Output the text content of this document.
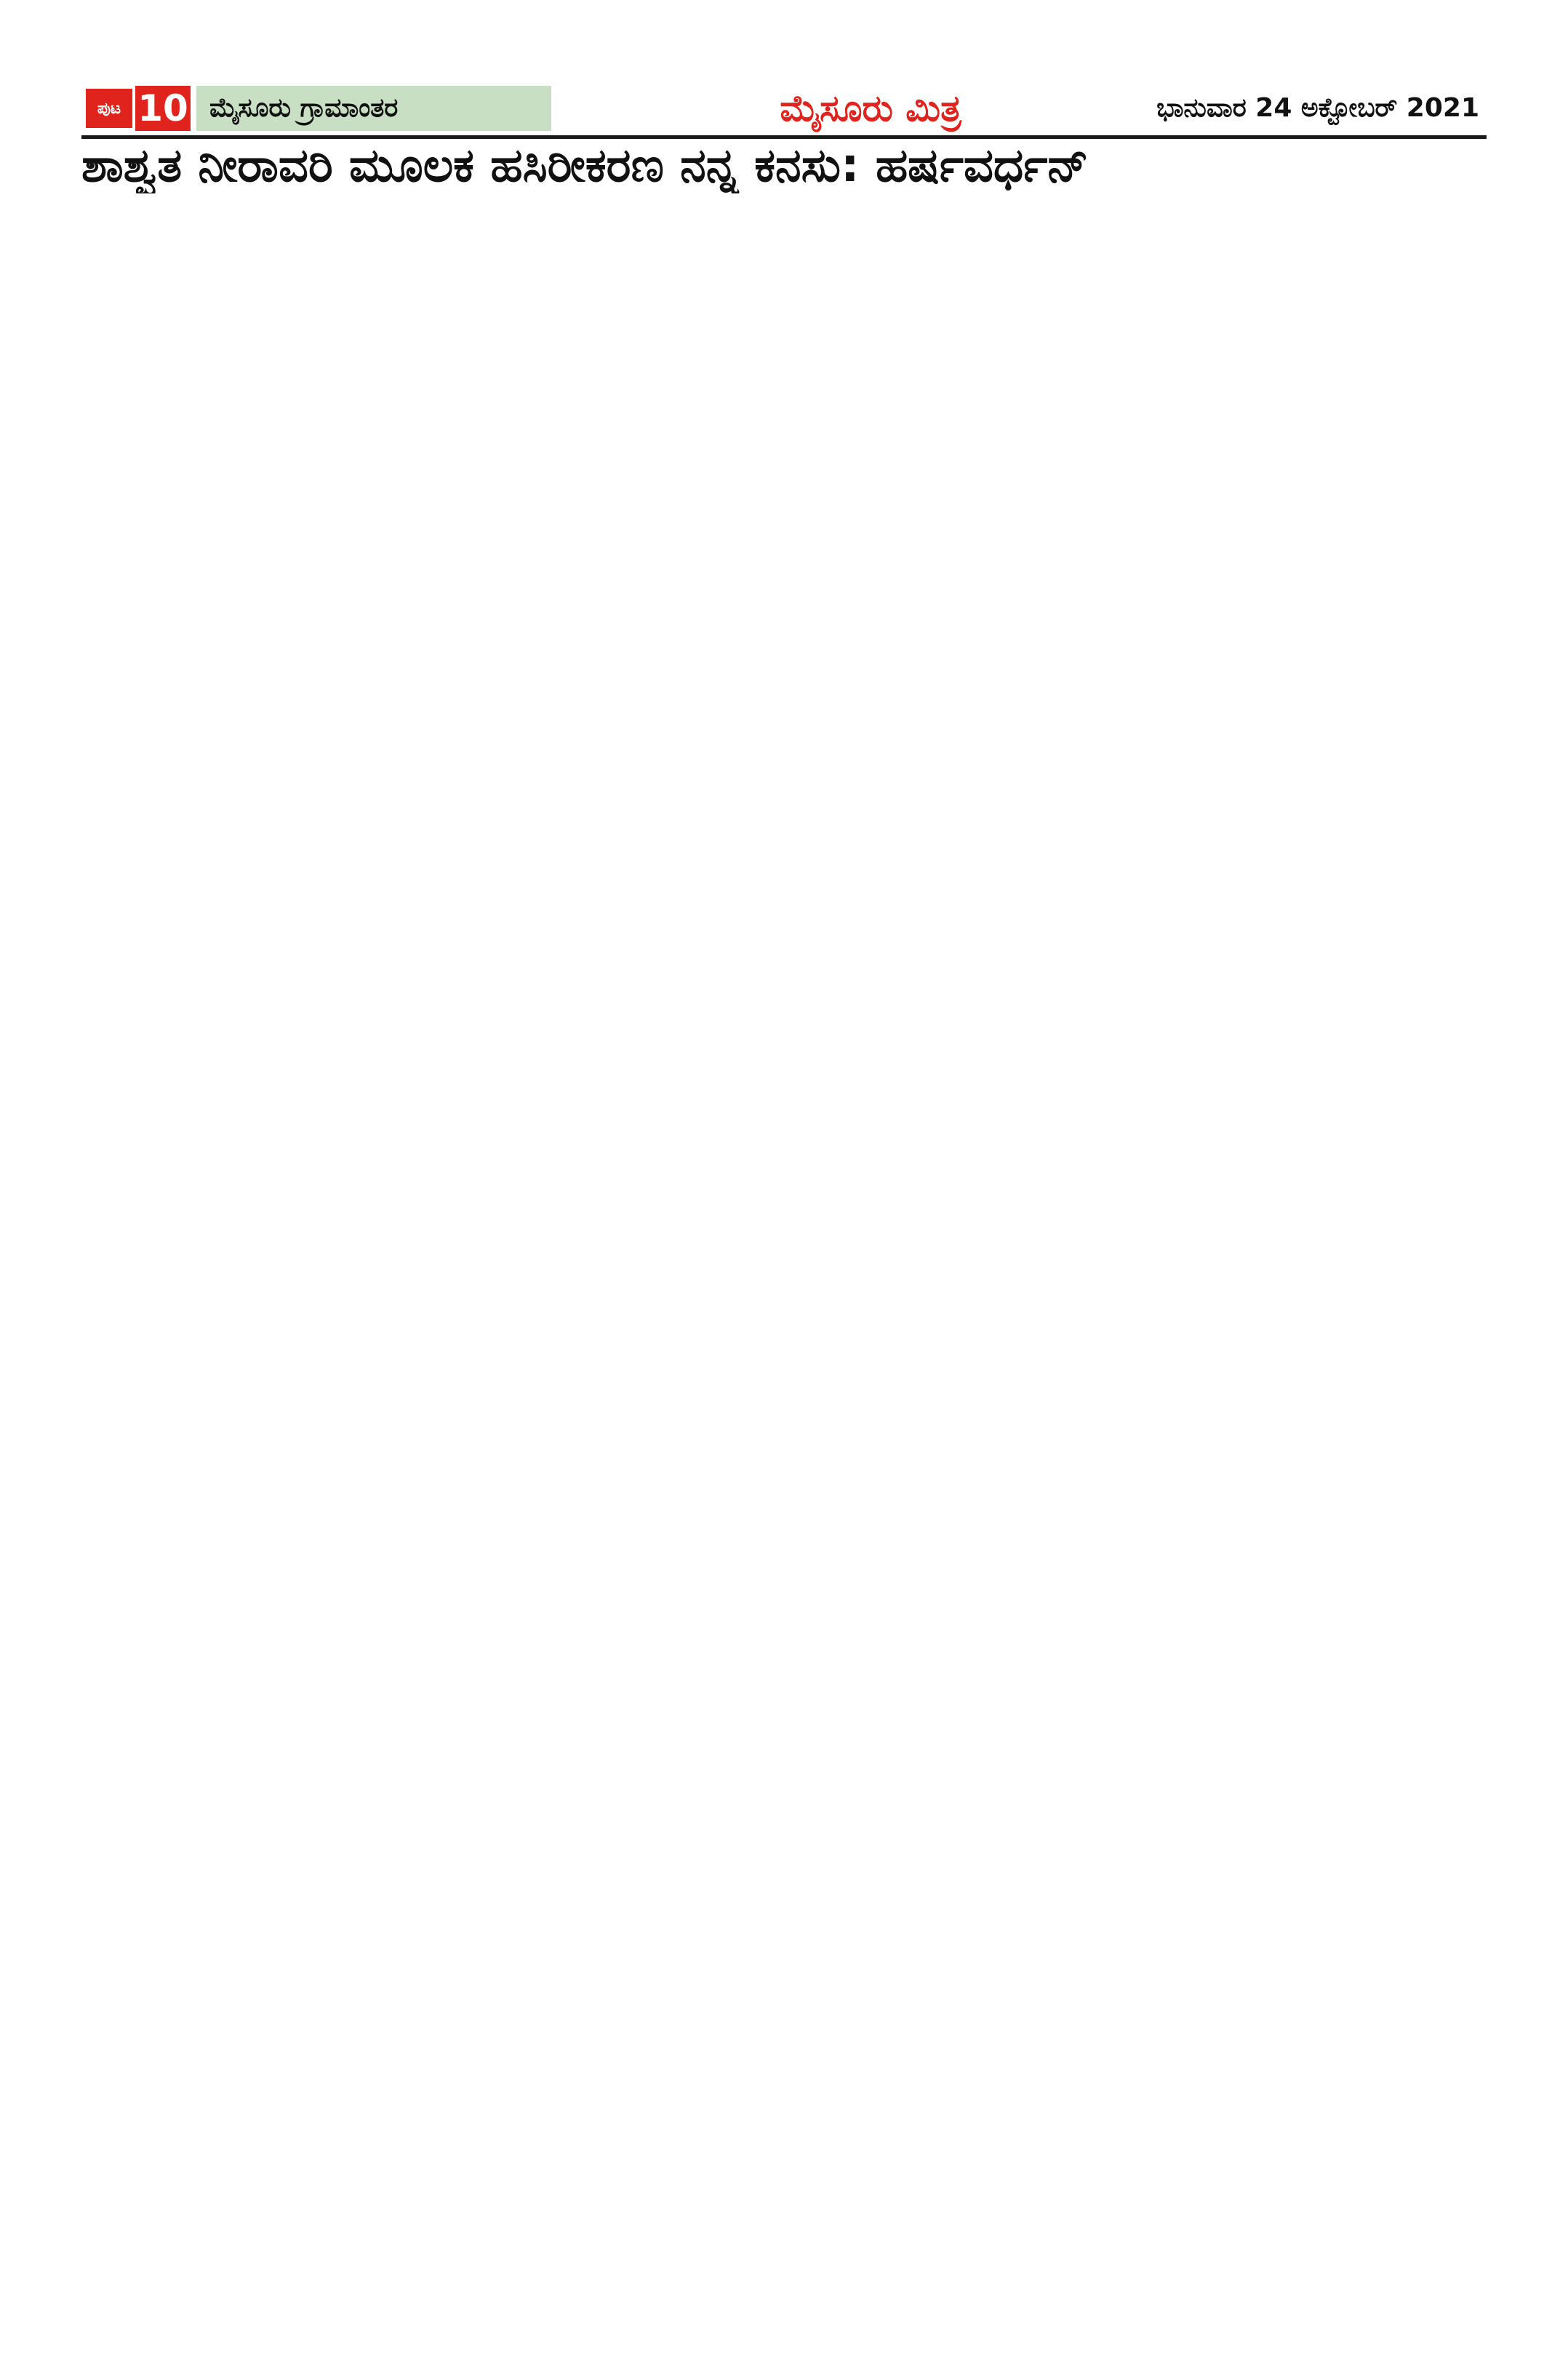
ಪುಟ 10 ಮೈಸೂರು ಗ್ರಾಮಾಂತರ	ಮೈಸೂರು ಮಿತ್ರ	ಭಾನುವಾರ 24 ಅಕ್ಟೋಬರ್ 2021
ಶಾಶ್ವತ ನೀರಾವರಿ ಮೂಲಕ ಹಸಿರೀಕರಣ ನನ್ನ ಕನಸು: ಹರ್ಷವರ್ಧನ್
